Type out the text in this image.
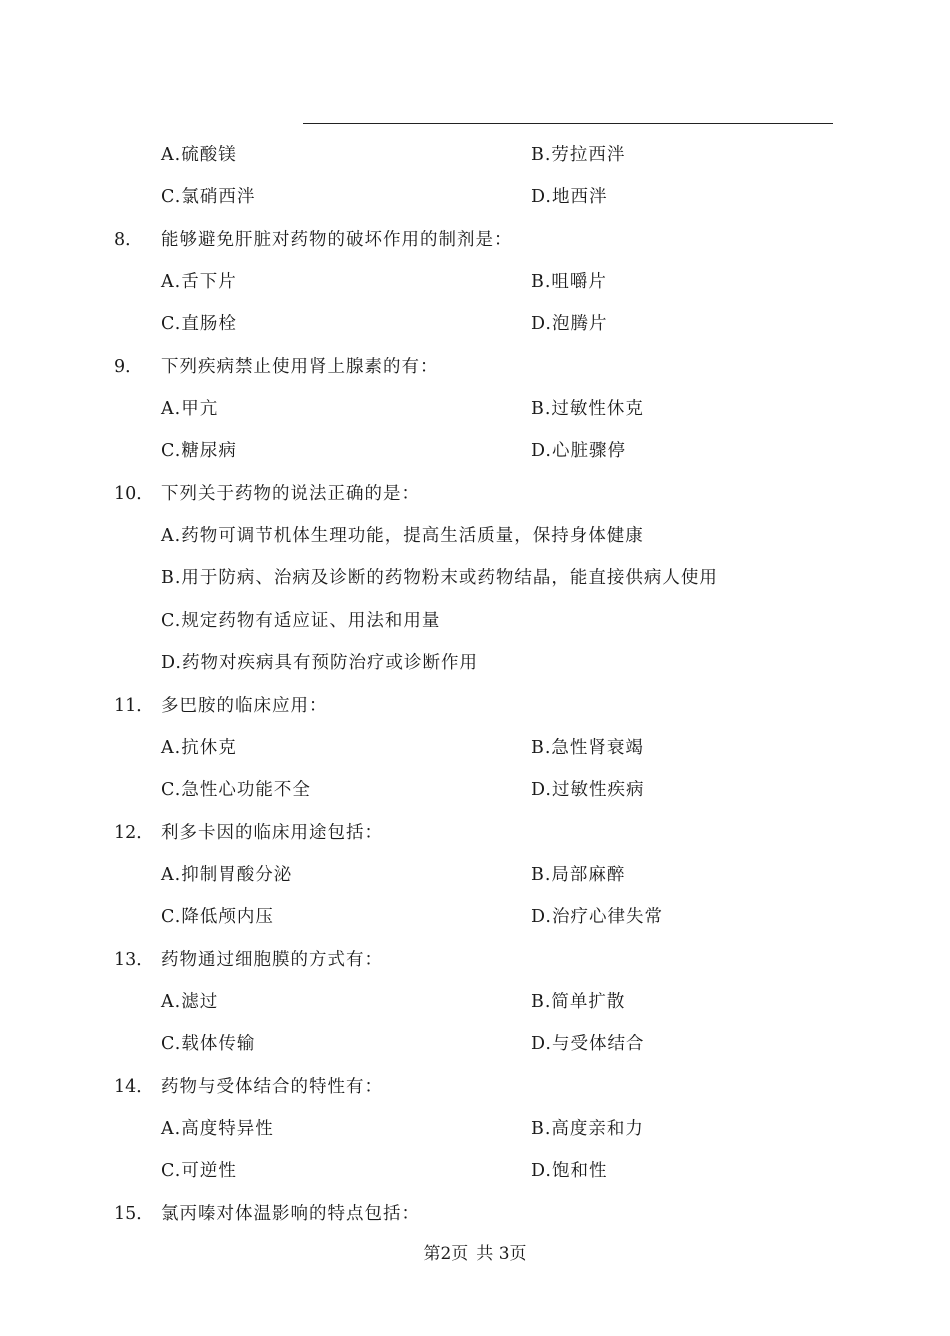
A.硫酸镁	B.劳拉西泮
C.氯硝西泮	D.地西泮
8． 能够避免肝脏对药物的破坏作用的制剂是：
A.舌下片	B.咀嚼片
C.直肠栓	D.泡腾片
9． 下列疾病禁止使用肾上腺素的有：
A.甲亢	B.过敏性休克
C.糖尿病	D.心脏骤停
10． 下列关于药物的说法正确的是：
A.药物可调节机体生理功能，提高生活质量，保持身体健康
B.用于防病、治病及诊断的药物粉末或药物结晶，能直接供病人使用
C.规定药物有适应证、用法和用量
D.药物对疾病具有预防治疗或诊断作用
11． 多巴胺的临床应用：
A.抗休克	B.急性肾衰竭
C.急性心功能不全	D.过敏性疾病
12． 利多卡因的临床用途包括：
A.抑制胃酸分泌	B.局部麻醉
C.降低颅内压	D.治疗心律失常
13． 药物通过细胞膜的方式有：
A.滤过	B.简单扩散
C.载体传输	D.与受体结合
14． 药物与受体结合的特性有：
A.高度特异性	B.高度亲和力
C.可逆性	D.饱和性
15． 氯丙嗪对体温影响的特点包括：
第2页 共 3页
